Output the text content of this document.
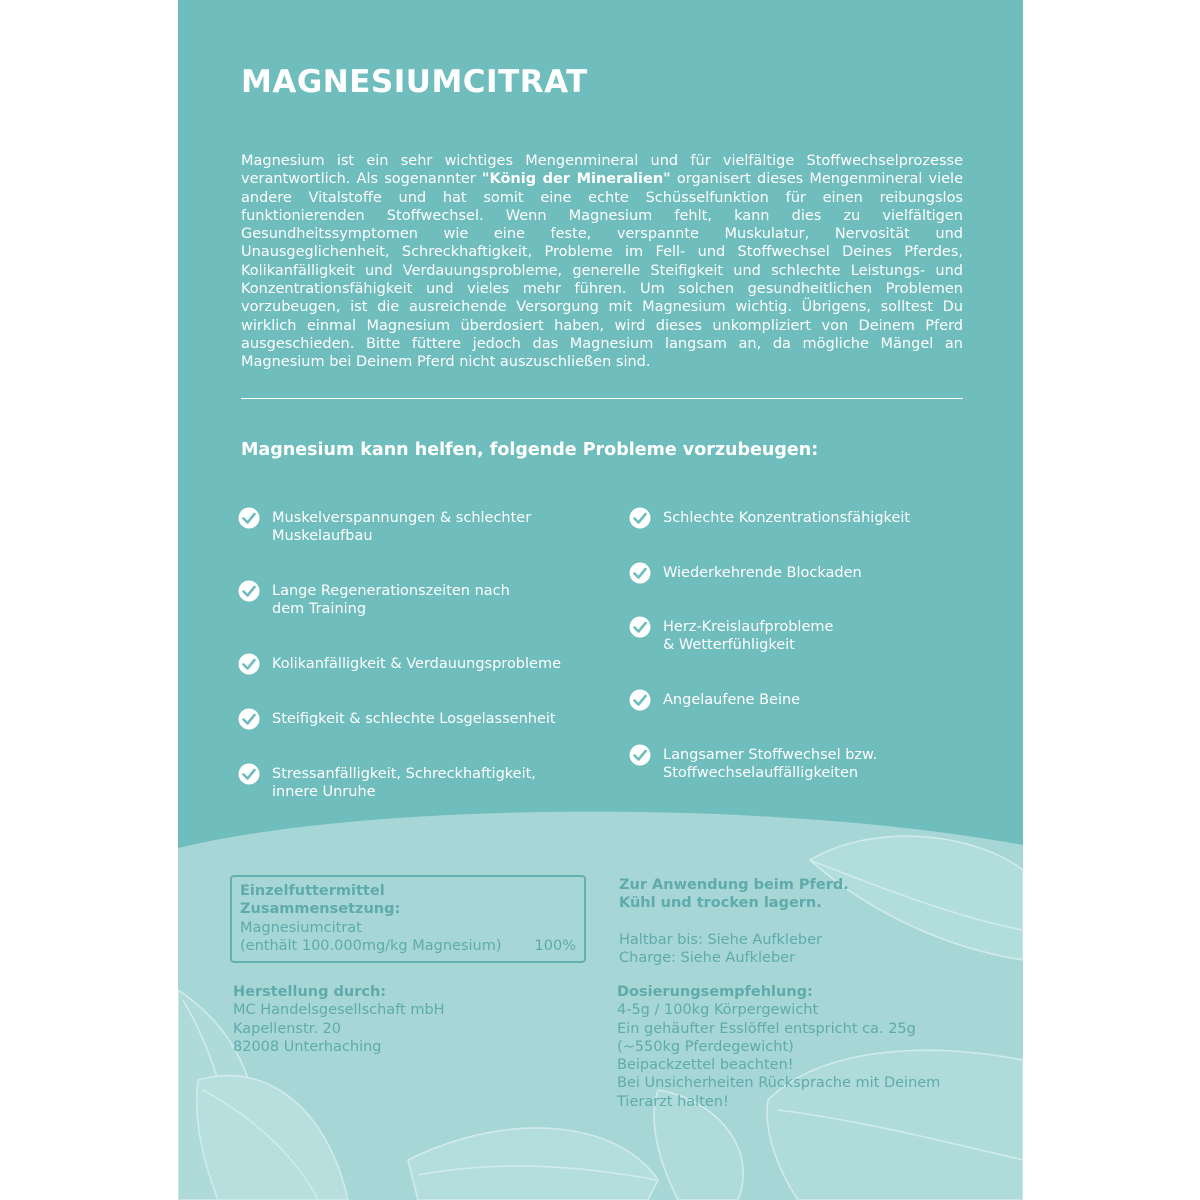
MAGNESIUMCITRAT

Magnesium ist ein sehr wichtiges Mengenmineral und für vielfältige Stoffwechselprozesse verantwortlich. Als sogenannter "König der Mineralien" organisert dieses Mengenmineral viele andere Vitalstoffe und hat somit eine echte Schüsselfunktion für einen reibungslos funktionierenden Stoffwechsel. Wenn Magnesium fehlt, kann dies zu vielfältigen Gesundheitssymptomen wie eine feste, verspannte Muskulatur, Nervosität und Unausgeglichenheit, Schreckhaftigkeit, Probleme im Fell- und Stoffwechsel Deines Pferdes, Kolikanfälligkeit und Verdauungsprobleme, generelle Steifigkeit und schlechte Leistungs- und Konzentrationsfähigkeit und vieles mehr führen. Um solchen gesundheitlichen Problemen vorzubeugen, ist die ausreichende Versorgung mit Magnesium wichtig. Übrigens, solltest Du wirklich einmal Magnesium überdosiert haben, wird dieses unkompliziert von Deinem Pferd ausgeschieden. Bitte füttere jedoch das Magnesium langsam an, da mögliche Mängel an Magnesium bei Deinem Pferd nicht auszuschließen sind.

Magnesium kann helfen, folgende Probleme vorzubeugen:
Muskelverspannungen & schlechter Muskelaufbau
Lange Regenerationszeiten nach dem Training
Kolikanfälligkeit & Verdauungsprobleme
Steifigkeit & schlechte Losgelassenheit
Stressanfälligkeit, Schreckhaftigkeit, innere Unruhe
Schlechte Konzentrationsfähigkeit
Wiederkehrende Blockaden
Herz-Kreislaufprobleme & Wetterfühligkeit
Angelaufene Beine
Langsamer Stoffwechsel bzw. Stoffwechselauffälligkeiten
Einzelfuttermittel
Zusammensetzung:
Magnesiumcitrat
(enthält 100.000mg/kg Magnesium) 100%
Herstellung durch:
MC Handelsgesellschaft mbH
Kapellenstr. 20
82008 Unterhaching
Zur Anwendung beim Pferd.
Kühl und trocken lagern.
Haltbar bis: Siehe Aufkleber
Charge: Siehe Aufkleber
Dosierungsempfehlung:
4-5g / 100kg Körpergewicht
Ein gehäufter Esslöffel entspricht ca. 25g
(~550kg Pferdegewicht)
Beipackzettel beachten!
Bei Unsicherheiten Rücksprache mit Deinem
Tierarzt halten!
